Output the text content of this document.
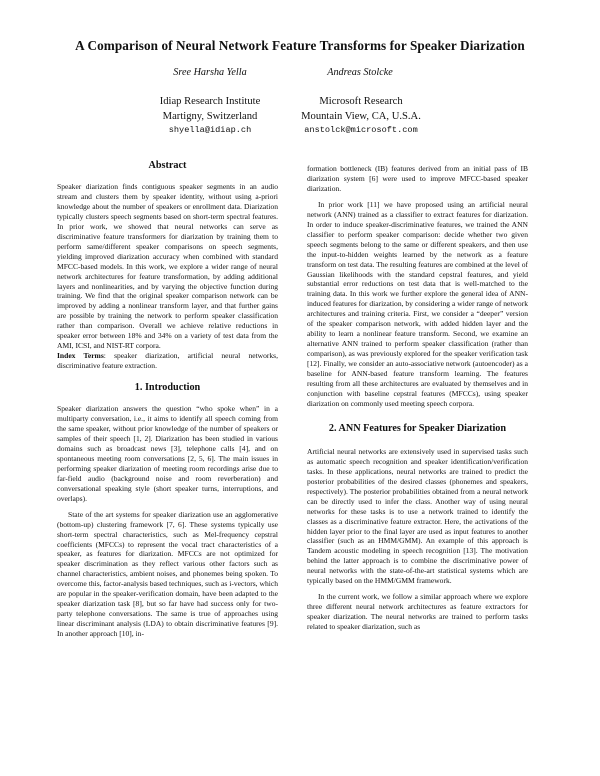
A Comparison of Neural Network Feature Transforms for Speaker Diarization
Sree Harsha Yella	Andreas Stolcke
Idiap Research Institute
Martigny, Switzerland
Microsoft Research
Mountain View, CA, U.S.A.
shyella@idiap.ch	anstolck@microsoft.com
Abstract

Speaker diarization finds contiguous speaker segments in an audio stream and clusters them by speaker identity, without using a-priori knowledge about the number of speakers or enrollment data. Diarization typically clusters speech segments based on short-term spectral features. In prior work, we showed that neural networks can serve as discriminative feature transformers for diarization by training them to perform same/different speaker comparisons on speech segments, yielding improved diarization accuracy when combined with standard MFCC-based models. In this work, we explore a wider range of neural network architectures for feature transformation, by adding additional layers and nonlinearities, and by varying the objective function during training. We find that the original speaker comparison network can be improved by adding a nonlinear transform layer, and that further gains are possible by training the network to perform speaker classification rather than comparison. Overall we achieve relative reductions in speaker error between 18% and 34% on a variety of test data from the AMI, ICSI, and NIST-RT corpora.

Index Terms: speaker diarization, artificial neural networks, discriminative feature extraction.

1. Introduction

Speaker diarization answers the question “who spoke when” in a multiparty conversation, i.e., it aims to identify all speech coming from the same speaker, without prior knowledge of the number of speakers or samples of their speech [1, 2]. Diarization has been studied in various domains such as broadcast news [3], telephone calls [4], and on spontaneous meeting room conversations [2, 5, 6]. The main issues in performing speaker diarization of meeting room recordings arise due to far-field audio (background noise and room reverberation) and conversational speaking style (short speaker turns, interruptions, and overlaps).

State of the art systems for speaker diarization use an agglomerative (bottom-up) clustering framework [7, 6]. These systems typically use short-term spectral characteristics, such as Mel-frequency cepstral coefficients (MFCCs) to represent the vocal tract characteristics of a speaker, as features for diarization. MFCCs are not optimized for speaker discrimination as they reflect various other factors such as channel characteristics, ambient noises, and phonemes being spoken. To overcome this, factor-analysis based techniques, such as i-vectors, which are popular in the speaker-verification domain, have been adapted to the speaker diarization task [8], but so far have had success only for two-party telephone conversations. The same is true of approaches using linear discriminant analysis (LDA) to obtain discriminative features [9]. In another approach [10], in-

formation bottleneck (IB) features derived from an initial pass of IB diarization system [6] were used to improve MFCC-based speaker diarization.

In prior work [11] we have proposed using an artificial neural network (ANN) trained as a classifier to extract features for diarization. In order to induce speaker-discriminative features, we trained the ANN classifier to perform speaker comparison: decide whether two given speech segments belong to the same or different speakers, and then use the input-to-hidden weights learned by the network as a feature transform on test data. The resulting features are combined at the level of Gaussian likelihoods with the standard cepstral features, and yield substantial error reductions on test data that is well-matched to the training data. In this work we further explore the general idea of ANN-induced features for diarization, by considering a wider range of network architectures and training criteria. First, we consider a “deeper” version of the speaker comparison network, with added hidden layer and the ability to learn a nonlinear feature transform. Second, we examine an alternative ANN trained to perform speaker classification (rather than comparison), as was previously explored for the speaker verification task [12]. Finally, we consider an auto-associative network (autoencoder) as a baseline for ANN-based feature transform learning. The features resulting from all these architectures are evaluated by themselves and in conjunction with baseline cepstral features (MFCCs), using speaker diarization on commonly used meeting speech corpora.

2. ANN Features for Speaker Diarization

Artificial neural networks are extensively used in supervised tasks such as automatic speech recognition and speaker identification/verification tasks. In these applications, neural networks are trained to predict the posterior probabilities of the desired classes (phonemes and speakers, respectively). The posterior probabilities obtained from a neural network can be directly used to infer the class. Another way of using neural networks for these tasks is to use a network trained to identify the classes as a discriminative feature extractor. Here, the activations of the hidden layer prior to the final layer are used as input features to another classifier (such as an HMM/GMM). An example of this approach is Tandem acoustic modeling in speech recognition [13]. The motivation behind the latter approach is to combine the discriminative power of neural networks with the state-of-the-art statistical systems which are typically based on the HMM/GMM framework.

In the current work, we follow a similar approach where we explore three different neural network architectures as feature extractors for speaker diarization. The neural networks are trained to perform tasks related to speaker diarization, such as
